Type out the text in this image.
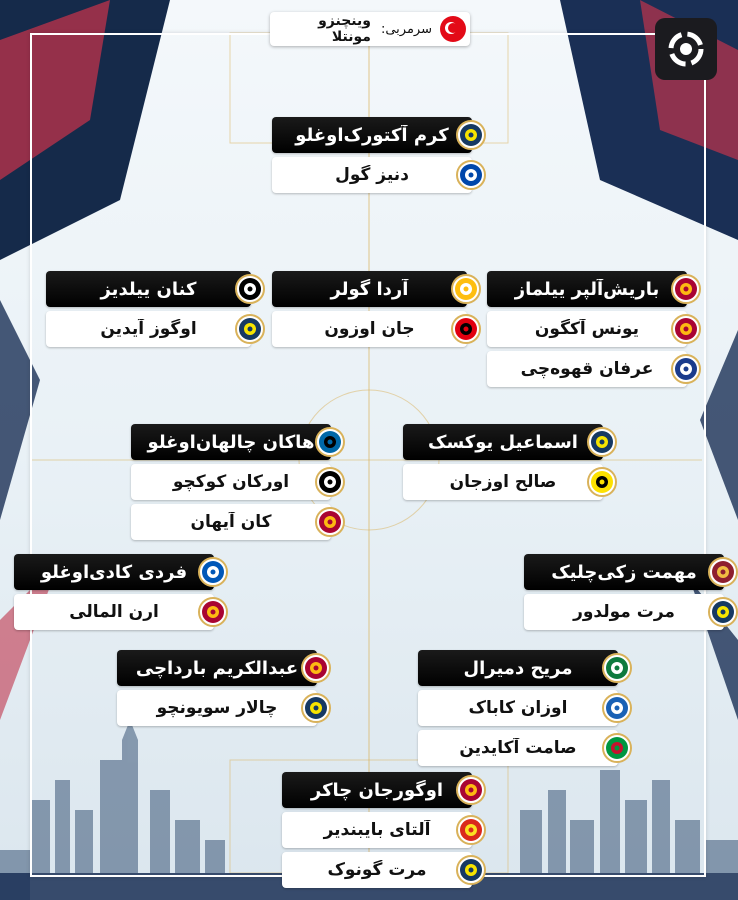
سرمربی:
وینچنزو مونتلا
کرم آکتورک‌اوغلو
دنیز گول
کنان ییلدیز
اوگوز آیدین
آردا گولر
جان اوزون
باریش‌آلپر ییلماز
یونس آکگون
عرفان قهوه‌چی
هاکان چالهان‌اوغلو
اورکان کوکچو
کان آیهان
اسماعیل یوکسک
صالح اوزجان
فردی کادی‌اوغلو
ارن المالی
مهمت زکی‌چلیک
مرت مولدور
عبدالکریم بارداچی
چالار سویونچو
مریح دمیرال
اوزان کاباک
صامت آکایدین
اوگورجان چاکر
آلتای بایبندیر
مرت گونوک
